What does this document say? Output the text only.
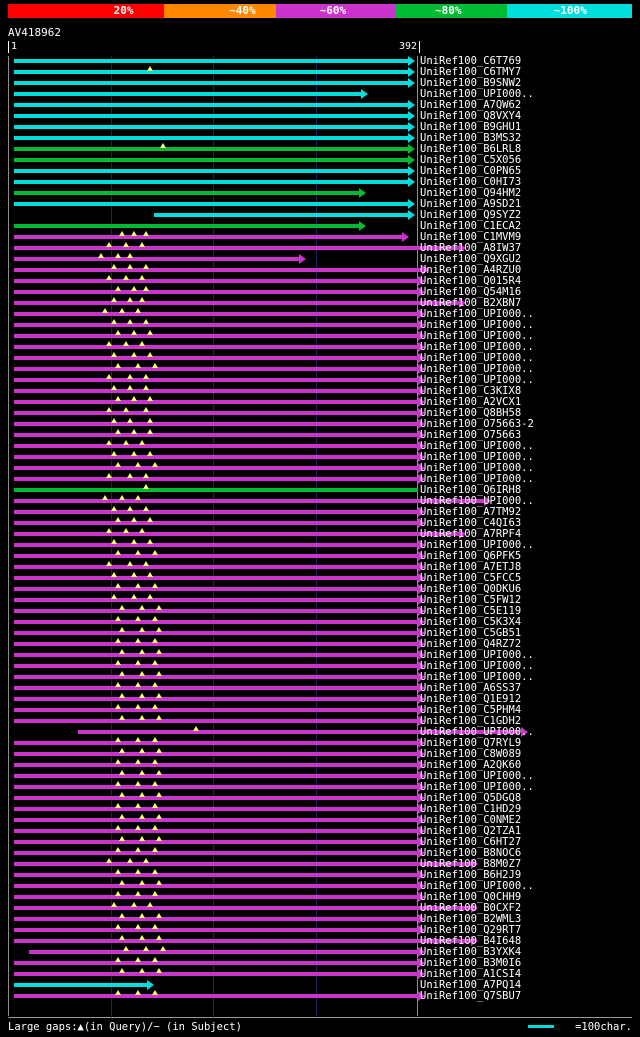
20%	~40%	~60%	~80%	~100%
AV418962
1	392
UniRef100_C6T769
UniRef100_C6TMY7
UniRef100_B9SNW2
UniRef100_UPI000..
UniRef100_A7QW62
UniRef100_Q8VXY4
UniRef100_B9GHU1
UniRef100_B3MS32
UniRef100_B6LRL8
UniRef100_C5X056
UniRef100_C0PN65
UniRef100_C0HI73
UniRef100_Q94HM2
UniRef100_A9SD21
UniRef100_Q9SYZ2
UniRef100_C1ECA2
UniRef100_C1MVM9
UniRef100_A8IW37
UniRef100_Q9XGU2
UniRef100_A4RZU0
UniRef100_Q015R4
UniRef100_Q54M16
UniRef100_B2XBN7
UniRef100_UPI000..
UniRef100_UPI000..
UniRef100_UPI000..
UniRef100_UPI000..
UniRef100_UPI000..
UniRef100_UPI000..
UniRef100_UPI000..
UniRef100_C3KIX8
UniRef100_A2VCX1
UniRef100_Q8BH58
UniRef100_O75663-2
UniRef100_O75663
UniRef100_UPI000..
UniRef100_UPI000..
UniRef100_UPI000..
UniRef100_UPI000..
UniRef100_Q6IRH8
UniRef100_UPI000..
UniRef100_A7TM92
UniRef100_C4QI63
UniRef100_A7RPF4
UniRef100_UPI000..
UniRef100_Q6PFK5
UniRef100_A7ETJ8
UniRef100_C5FCC5
UniRef100_Q0DKU6
UniRef100_C5FW12
UniRef100_C5E119
UniRef100_C5K3X4
UniRef100_C5GB51
UniRef100_Q4RZ72
UniRef100_UPI000..
UniRef100_UPI000..
UniRef100_UPI000..
UniRef100_A6SS37
UniRef100_Q1E912
UniRef100_C5PHM4
UniRef100_C1GDH2
UniRef100_UPI000..
UniRef100_Q7RYL9
UniRef100_C8W089
UniRef100_A2QK60
UniRef100_UPI000..
UniRef100_UPI000..
UniRef100_Q5DGQ8
UniRef100_C1HD29
UniRef100_C0NME2
UniRef100_Q2TZA1
UniRef100_C6HT27
UniRef100_B8NOC6
UniRef100_B8M0Z7
UniRef100_B6H2J9
UniRef100_UPI000..
UniRef100_Q0CHH9
UniRef100_B0CXF2
UniRef100_B2WML3
UniRef100_Q29RT7
UniRef100_B4I648
UniRef100_B3YXK4
UniRef100_B3M0I6
UniRef100_A1CSI4
UniRef100_A7PQ14
UniRef100_Q7SBU7
Large gaps:▲(in Query)/− (in Subject)	=100char.
